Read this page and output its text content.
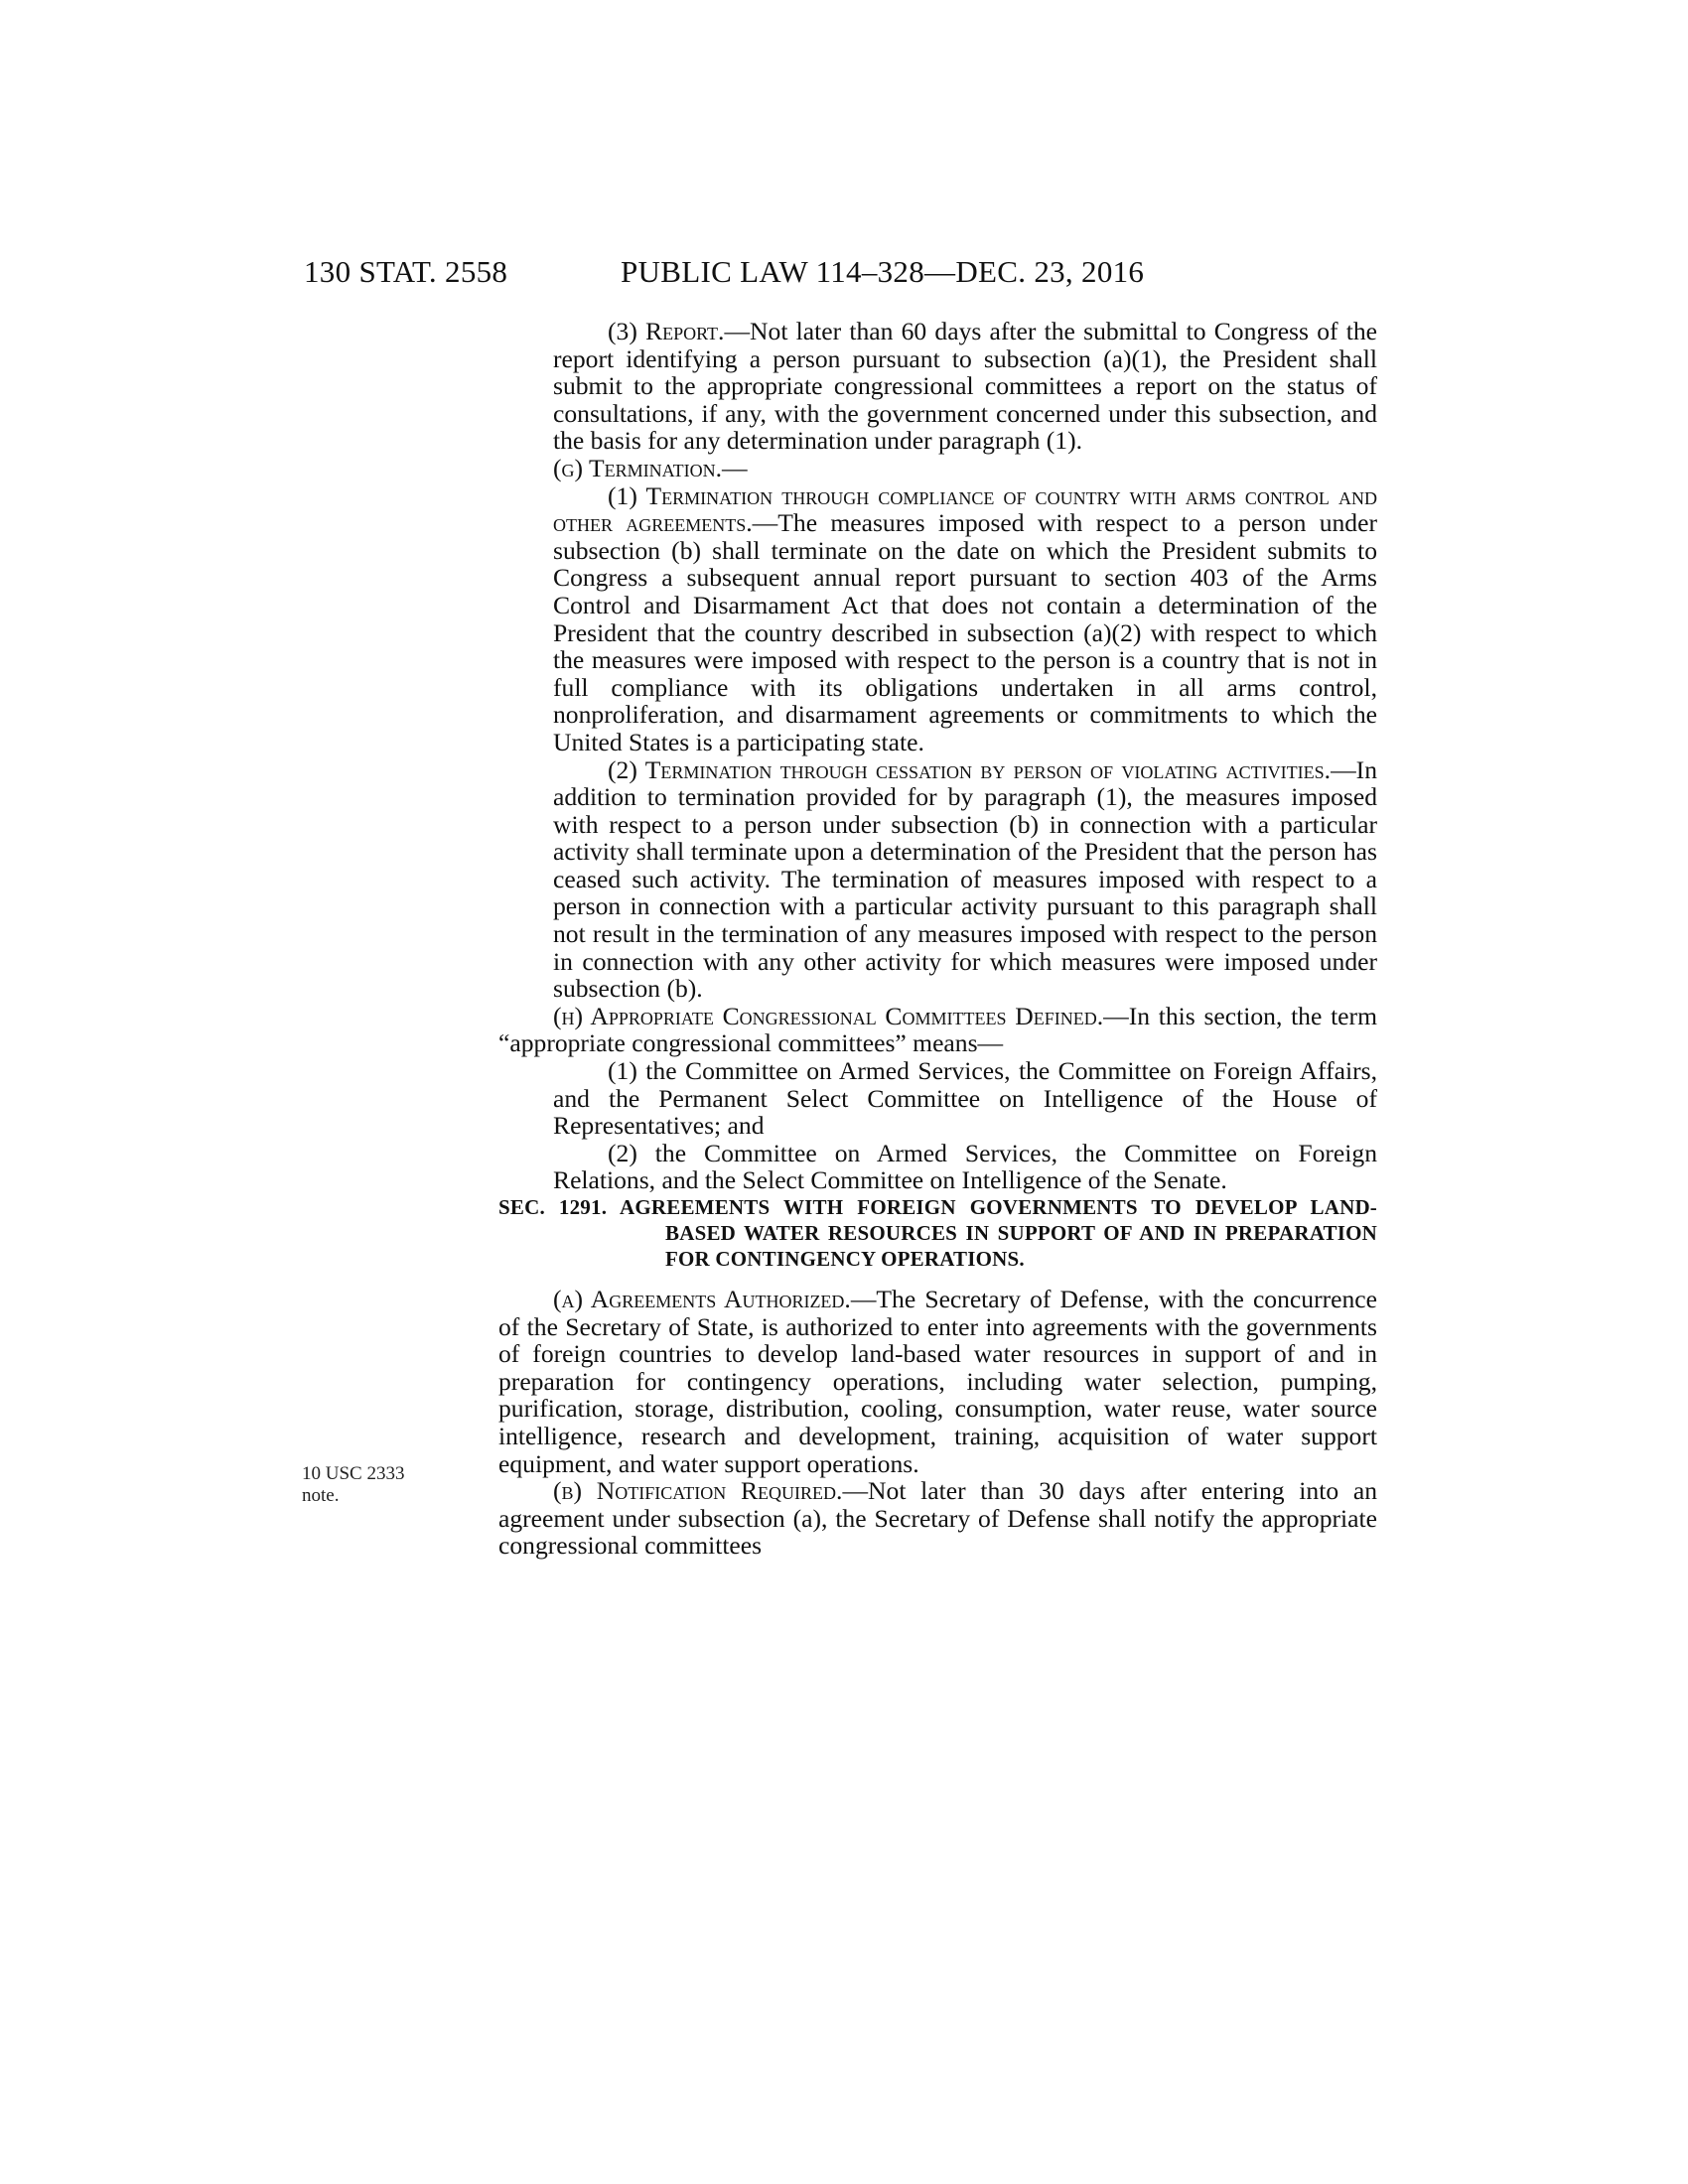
130 STAT. 2558	PUBLIC LAW 114–328—DEC. 23, 2016
10 USC 2333
note.

(3) Report.—Not later than 60 days after the submittal to Congress of the report identifying a person pursuant to subsection (a)(1), the President shall submit to the appropriate congressional committees a report on the status of consultations, if any, with the government concerned under this subsection, and the basis for any determination under paragraph (1).

(g) Termination.—

(1) Termination through compliance of country with arms control and other agreements.—The measures imposed with respect to a person under subsection (b) shall terminate on the date on which the President submits to Congress a subsequent annual report pursuant to section 403 of the Arms Control and Disarmament Act that does not contain a determination of the President that the country described in subsection (a)(2) with respect to which the measures were imposed with respect to the person is a country that is not in full compliance with its obligations undertaken in all arms control, nonproliferation, and disarmament agreements or commitments to which the United States is a participating state.

(2) Termination through cessation by person of violating activities.—In addition to termination provided for by paragraph (1), the measures imposed with respect to a person under subsection (b) in connection with a particular activity shall terminate upon a determination of the President that the person has ceased such activity. The termination of measures imposed with respect to a person in connection with a particular activity pursuant to this paragraph shall not result in the termination of any measures imposed with respect to the person in connection with any other activity for which measures were imposed under subsection (b).

(h) Appropriate Congressional Committees Defined.—In this section, the term “appropriate congressional committees” means—

(1) the Committee on Armed Services, the Committee on Foreign Affairs, and the Permanent Select Committee on Intelligence of the House of Representatives; and

(2) the Committee on Armed Services, the Committee on Foreign Relations, and the Select Committee on Intelligence of the Senate.

SEC. 1291. AGREEMENTS WITH FOREIGN GOVERNMENTS TO DEVELOP LAND-BASED WATER RESOURCES IN SUPPORT OF AND IN PREPARATION FOR CONTINGENCY OPERATIONS.

(a) Agreements Authorized.—The Secretary of Defense, with the concurrence of the Secretary of State, is authorized to enter into agreements with the governments of foreign countries to develop land-based water resources in support of and in preparation for contingency operations, including water selection, pumping, purification, storage, distribution, cooling, consumption, water reuse, water source intelligence, research and development, training, acquisition of water support equipment, and water support operations.

(b) Notification Required.—Not later than 30 days after entering into an agreement under subsection (a), the Secretary of Defense shall notify the appropriate congressional committees
